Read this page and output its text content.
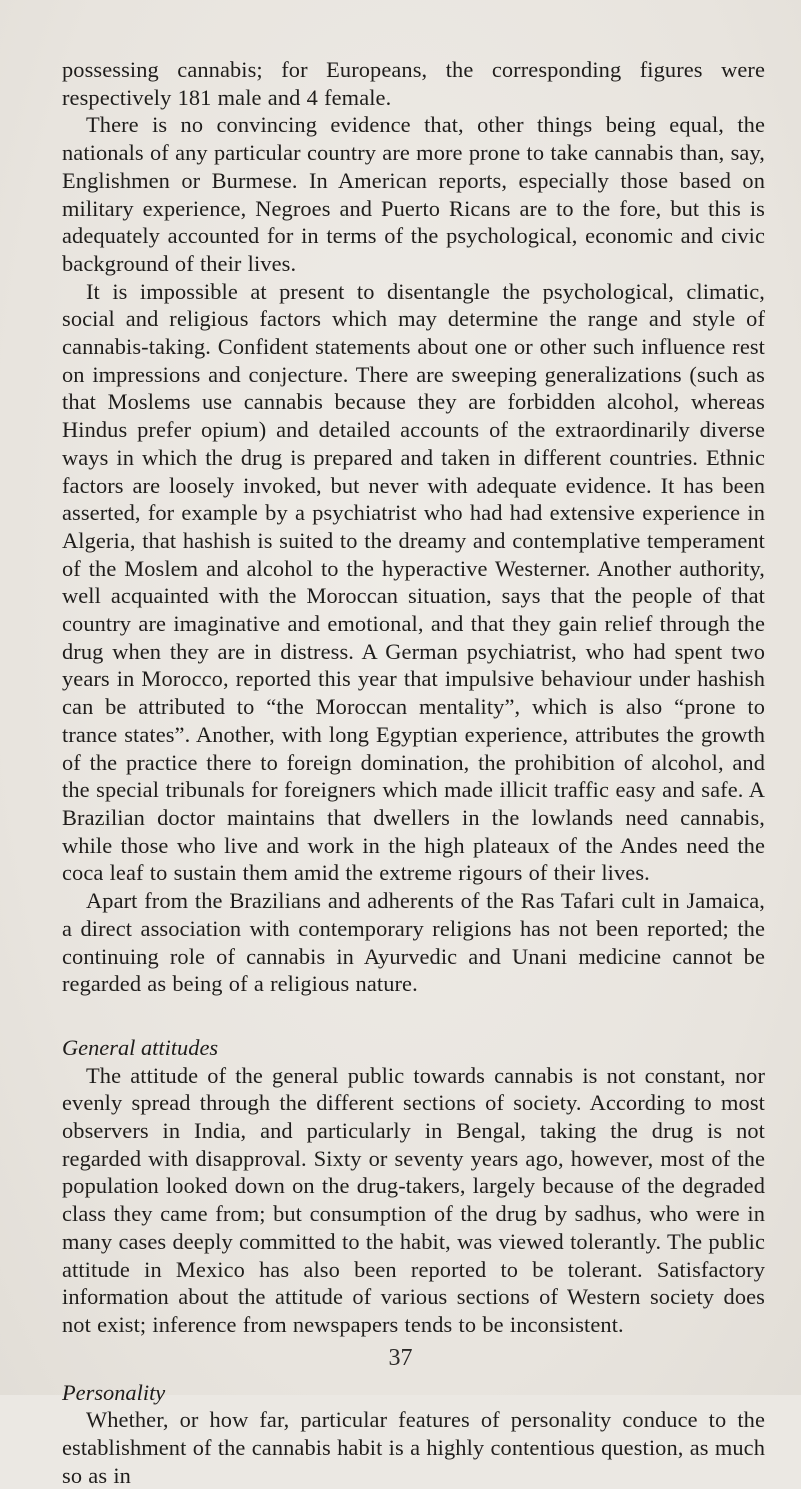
possessing cannabis; for Europeans, the corresponding figures were respectively 181 male and 4 female.

There is no convincing evidence that, other things being equal, the nationals of any particular country are more prone to take cannabis than, say, Englishmen or Burmese. In American reports, especially those based on military experience, Negroes and Puerto Ricans are to the fore, but this is adequately accounted for in terms of the psychological, economic and civic background of their lives.

It is impossible at present to disentangle the psychological, climatic, social and religious factors which may determine the range and style of cannabis-taking. Confident statements about one or other such influence rest on impressions and conjecture. There are sweeping generalizations (such as that Moslems use cannabis because they are forbidden alcohol, whereas Hindus prefer opium) and detailed accounts of the extraordinarily diverse ways in which the drug is prepared and taken in different countries. Ethnic factors are loosely invoked, but never with adequate evidence. It has been asserted, for example by a psychiatrist who had had extensive experience in Algeria, that hashish is suited to the dreamy and contemplative temperament of the Moslem and alcohol to the hyperactive Westerner. Another authority, well acquainted with the Moroccan situation, says that the people of that country are imaginative and emotional, and that they gain relief through the drug when they are in distress. A German psychiatrist, who had spent two years in Morocco, reported this year that impulsive behaviour under hashish can be attributed to “the Moroccan mentality”, which is also “prone to trance states”. Another, with long Egyptian experience, attributes the growth of the practice there to foreign domination, the prohibition of alcohol, and the special tribunals for foreigners which made illicit traffic easy and safe. A Brazilian doctor maintains that dwellers in the lowlands need cannabis, while those who live and work in the high plateaux of the Andes need the coca leaf to sustain them amid the extreme rigours of their lives.

Apart from the Brazilians and adherents of the Ras Tafari cult in Jamaica, a direct association with contemporary religions has not been reported; the continuing role of cannabis in Ayurvedic and Unani medicine cannot be regarded as being of a religious nature.

General attitudes

The attitude of the general public towards cannabis is not constant, nor evenly spread through the different sections of society. According to most observers in India, and particularly in Bengal, taking the drug is not regarded with disapproval. Sixty or seventy years ago, however, most of the population looked down on the drug-takers, largely because of the degraded class they came from; but consumption of the drug by sadhus, who were in many cases deeply committed to the habit, was viewed tolerantly. The public attitude in Mexico has also been reported to be tolerant. Satisfactory information about the attitude of various sections of Western society does not exist; inference from newspapers tends to be inconsistent.

Personality

Whether, or how far, particular features of personality conduce to the establishment of the cannabis habit is a highly contentious question, as much so as in

37
